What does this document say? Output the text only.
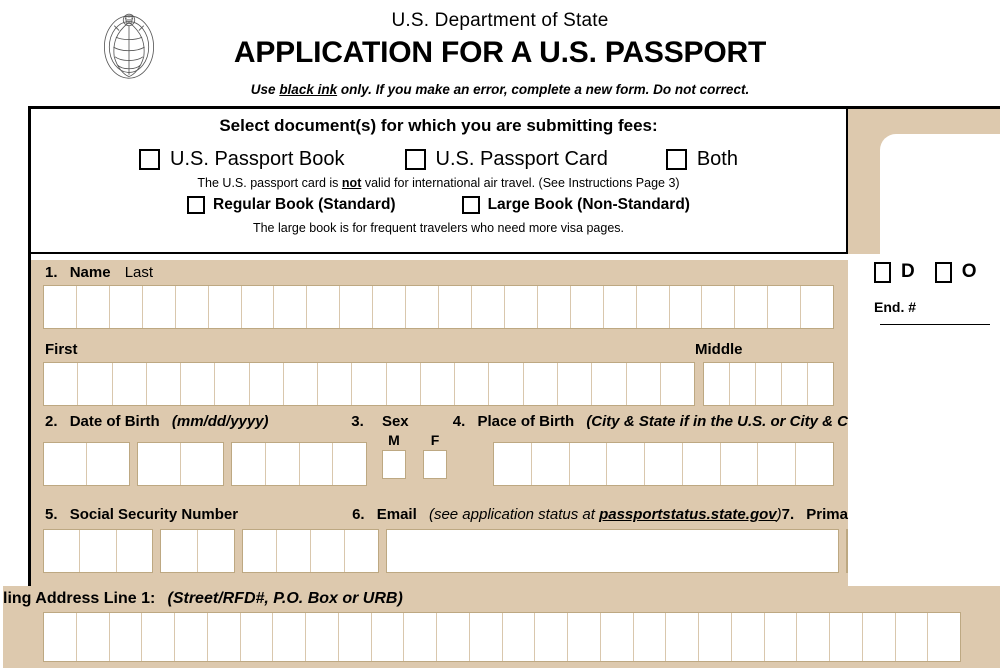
U.S. Department of State
APPLICATION FOR A U.S. PASSPORT
Use black ink only. If you make an error, complete a new form. Do not correct.
Select document(s) for which you are submitting fees:
U.S. Passport Book	U.S. Passport Card	Both
The U.S. passport card is not valid for international air travel. (See Instructions Page 3)
Regular Book (Standard)	Large Book (Non-Standard)
The large book is for frequent travelers who need more visa pages.
D O
End. #
1. Name Last
First	Middle
2. Date of Birth (mm/dd/yyyy)	3. Sex	4. Place of Birth (City & State if in the U.S. or City & C
M	F
5. Social Security Number	6. Email (see application status at passportstatus.state.gov) 7. Prima
ling Address Line 1: (Street/RFD#, P.O. Box or URB)
